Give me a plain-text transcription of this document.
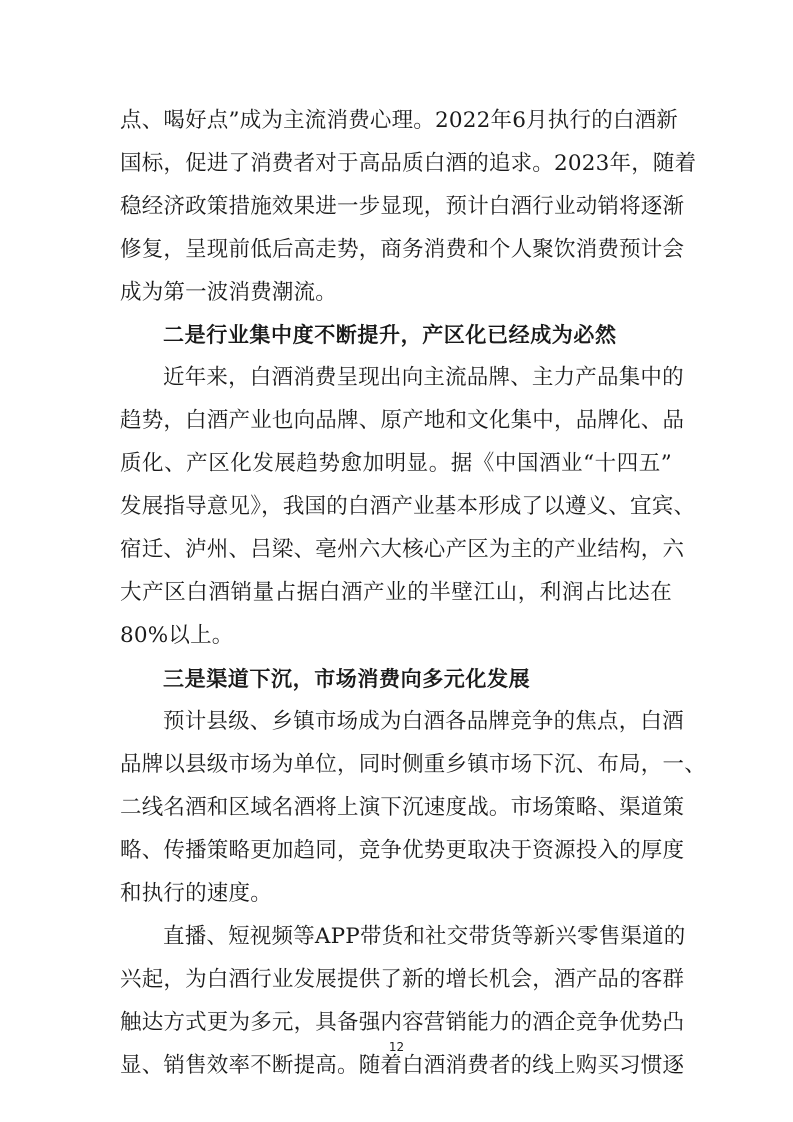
点、喝好点”成为主流消费心理。2022年6月执行的白酒新
国标，促进了消费者对于高品质白酒的追求。2023年，随着
稳经济政策措施效果进一步显现，预计白酒行业动销将逐渐
修复，呈现前低后高走势，商务消费和个人聚饮消费预计会
成为第一波消费潮流。
二是行业集中度不断提升，产区化已经成为必然
近年来，白酒消费呈现出向主流品牌、主力产品集中的
趋势，白酒产业也向品牌、原产地和文化集中，品牌化、品
质化、产区化发展趋势愈加明显。据《中国酒业“十四五”
发展指导意见》，我国的白酒产业基本形成了以遵义、宜宾、
宿迁、泸州、吕梁、亳州六大核心产区为主的产业结构，六
大产区白酒销量占据白酒产业的半壁江山，利润占比达在
80%以上。
三是渠道下沉，市场消费向多元化发展
预计县级、乡镇市场成为白酒各品牌竞争的焦点，白酒
品牌以县级市场为单位，同时侧重乡镇市场下沉、布局，一、
二线名酒和区域名酒将上演下沉速度战。市场策略、渠道策
略、传播策略更加趋同，竞争优势更取决于资源投入的厚度
和执行的速度。
直播、短视频等APP带货和社交带货等新兴零售渠道的
兴起，为白酒行业发展提供了新的增长机会，酒产品的客群
触达方式更为多元，具备强内容营销能力的酒企竞争优势凸
显、销售效率不断提高。随着白酒消费者的线上购买习惯逐
12
